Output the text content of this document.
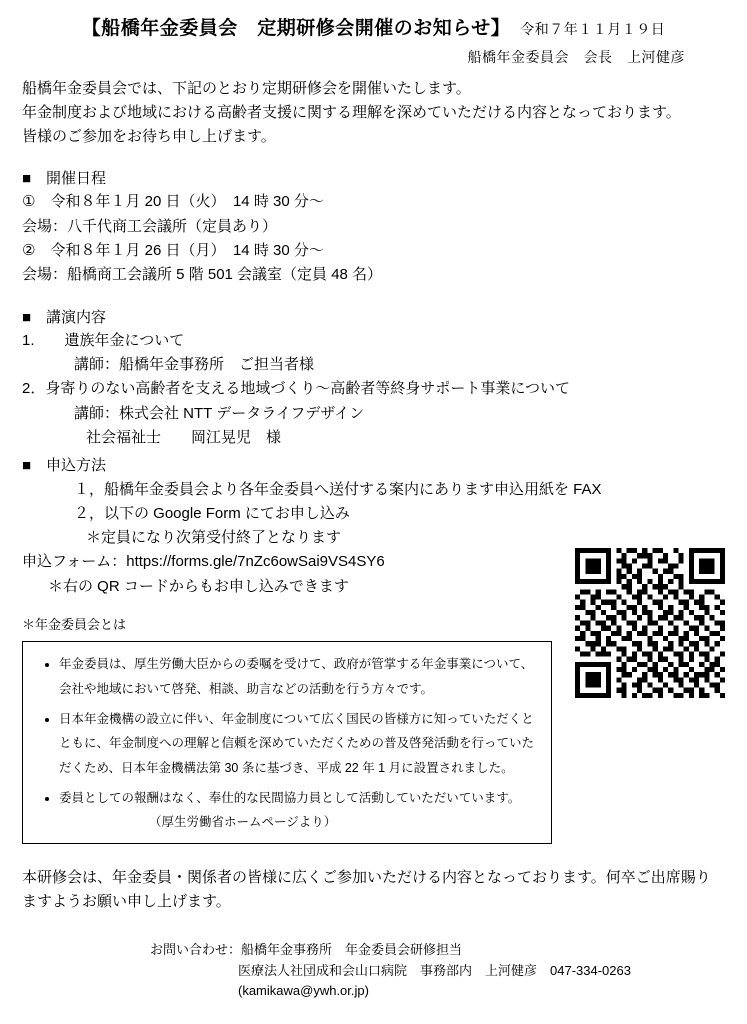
【船橋年金委員会　定期研修会開催のお知らせ】 令和７年１１月１９日
船橋年金委員会　会長　上河健彦
船橋年金委員会では、下記のとおり定期研修会を開催いたします。
年金制度および地域における高齢者支援に関する理解を深めていただける内容となっております。
皆様のご参加をお待ち申し上げます。
■　開催日程
①　令和８年１月 20 日（火）　14 時 30 分〜
会場：八千代商工会議所（定員あり）
②　令和８年１月 26 日（月）　14 時 30 分〜
会場：船橋商工会議所 5 階 501 会議室（定員 48 名）
■　講演内容
1.　　遺族年金について
講師：船橋年金事務所　ご担当者様
2．身寄りのない高齢者を支える地域づくり〜高齢者等終身サポート事業について
講師：株式会社 NTT データライフデザイン
社会福祉士　　岡江晃児　様
■　申込方法
１，船橋年金委員会より各年金委員へ送付する案内にあります申込用紙を FAX
２，以下の Google Form にてお申し込み
＊定員になり次第受付終了となります
申込フォーム：https://forms.gle/7nZc6owSai9VS4SY6
＊右の QR コードからもお申し込みできます
＊年金委員会とは
• 年金委員は、厚生労働大臣からの委嘱を受けて、政府が管掌する年金事業について、会社や地域において啓発、相談、助言などの活動を行う方々です。
• 日本年金機構の設立に伴い、年金制度について広く国民の皆様方に知っていただくとともに、年金制度への理解と信頼を深めていただくための普及啓発活動を行っていただくため、日本年金機構法第 30 条に基づき、平成 22 年 1 月に設置されました。
• 委員としての報酬はなく、奉仕的な民間協力員として活動していただいています。 （厚生労働省ホームページより）
本研修会は、年金委員・関係者の皆様に広くご参加いただける内容となっております。何卒ご出席賜りますようお願い申し上げます。
お問い合わせ：船橋年金事務所　年金委員会研修担当
医療法人社団成和会山口病院　事務部内　上河健彦　047-334-0263
(kamikawa@ywh.or.jp)
